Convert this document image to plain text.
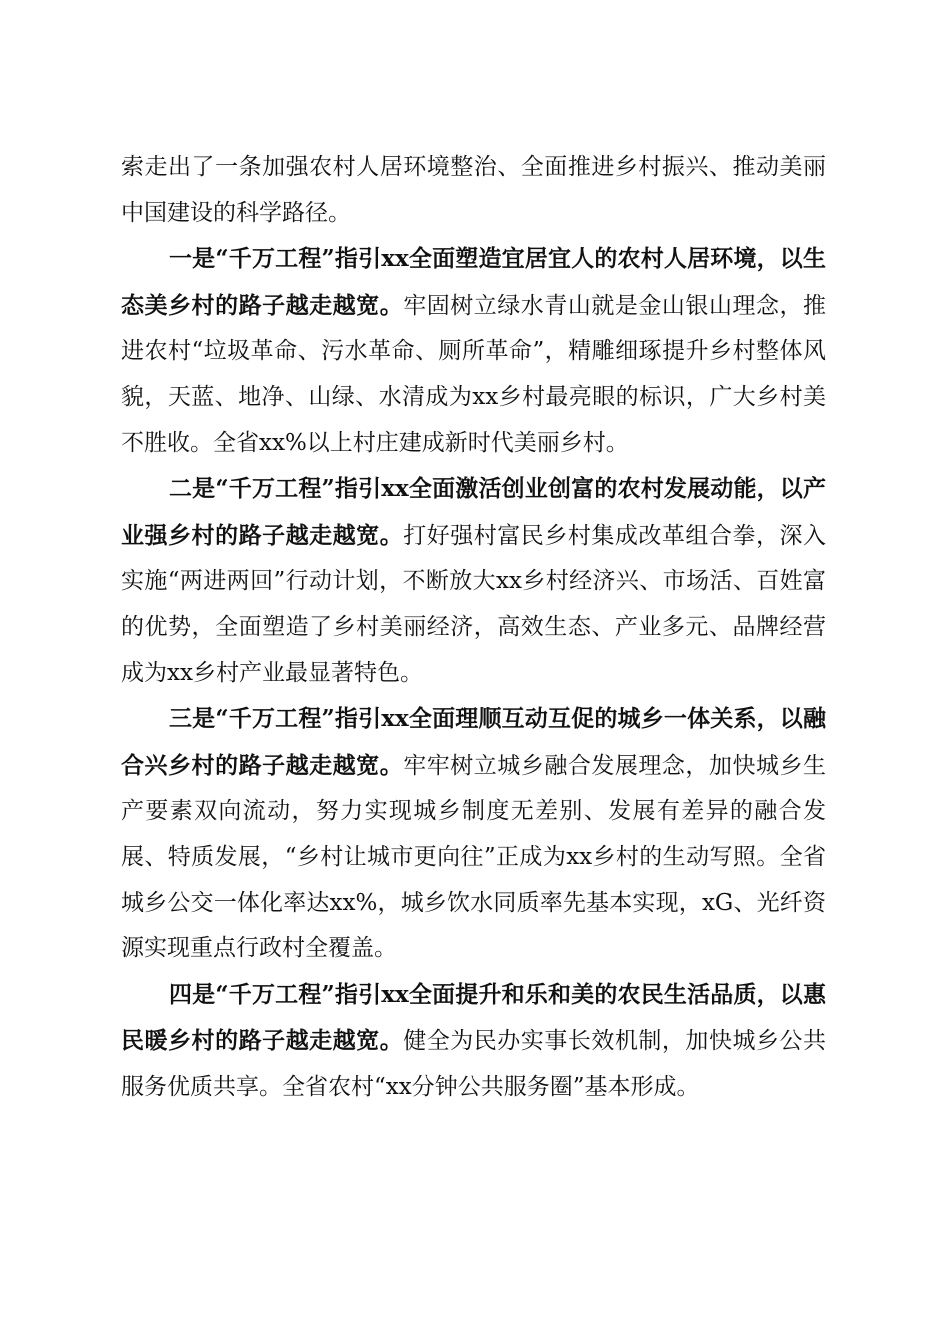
索走出了一条加强农村人居环境整治、全面推进乡村振兴、推动美丽中国建设的科学路径。

一是“千万工程”指引xx全面塑造宜居宜人的农村人居环境，以生态美乡村的路子越走越宽。牢固树立绿水青山就是金山银山理念，推进农村“垃圾革命、污水革命、厕所革命”，精雕细琢提升乡村整体风貌，天蓝、地净、山绿、水清成为xx乡村最亮眼的标识，广大乡村美不胜收。全省xx%以上村庄建成新时代美丽乡村。

二是“千万工程”指引xx全面激活创业创富的农村发展动能，以产业强乡村的路子越走越宽。打好强村富民乡村集成改革组合拳，深入实施“两进两回”行动计划，不断放大xx乡村经济兴、市场活、百姓富的优势，全面塑造了乡村美丽经济，高效生态、产业多元、品牌经营成为xx乡村产业最显著特色。

三是“千万工程”指引xx全面理顺互动互促的城乡一体关系，以融合兴乡村的路子越走越宽。牢牢树立城乡融合发展理念，加快城乡生产要素双向流动，努力实现城乡制度无差别、发展有差异的融合发展、特质发展，“乡村让城市更向往”正成为xx乡村的生动写照。全省城乡公交一体化率达xx%，城乡饮水同质率先基本实现，xG、光纤资源实现重点行政村全覆盖。

四是“千万工程”指引xx全面提升和乐和美的农民生活品质，以惠民暖乡村的路子越走越宽。健全为民办实事长效机制，加快城乡公共服务优质共享。全省农村“xx分钟公共服务圈”基本形成。
